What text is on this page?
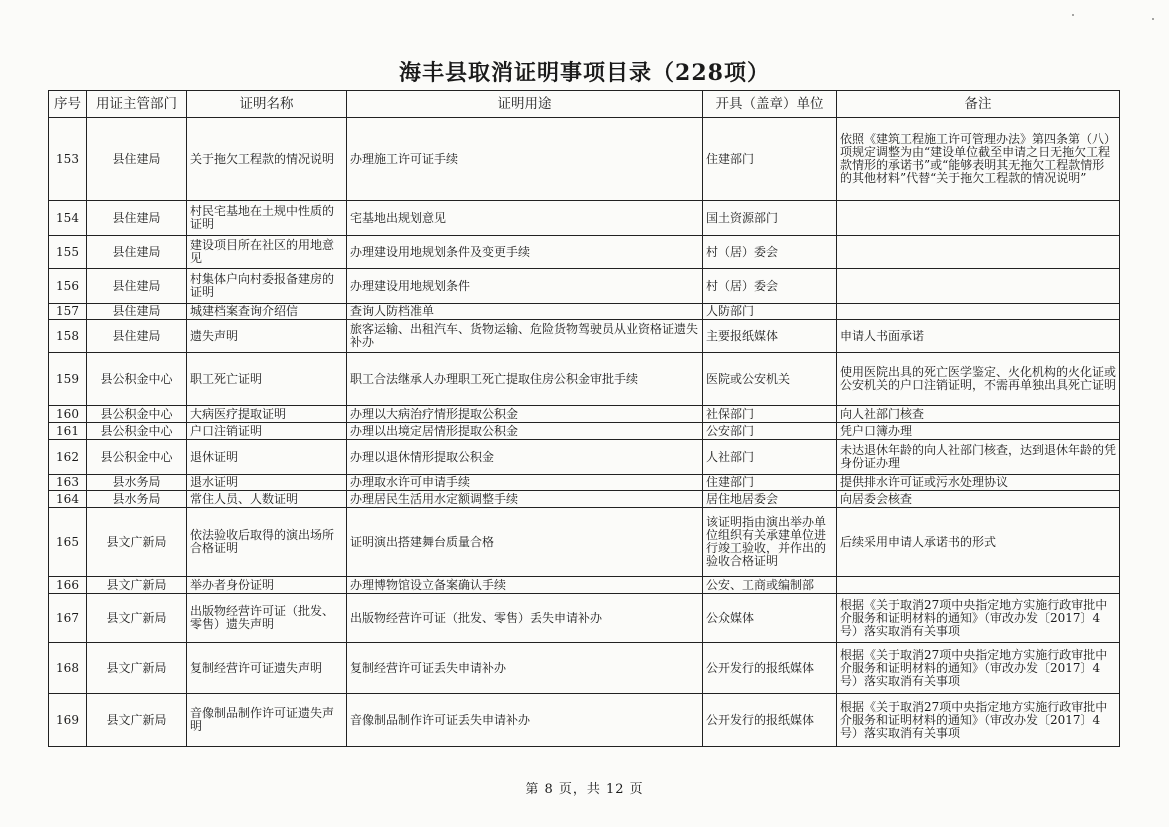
海丰县取消证明事项目录（228项）
序号	用证主管部门	证明名称	证明用途	开具（盖章）单位	备注
153	县住建局	关于拖欠工程款的情况说明	办理施工许可证手续	住建部门	依照《建筑工程施工许可管理办法》第四条第（八）项规定调整为由“建设单位截至申请之日无拖欠工程款情形的承诺书”或“能够表明其无拖欠工程款情形的其他材料”代替“关于拖欠工程款的情况说明”
154	县住建局	村民宅基地在土规中性质的证明	宅基地出规划意见	国土资源部门	
155	县住建局	建设项目所在社区的用地意见	办理建设用地规划条件及变更手续	村（居）委会	
156	县住建局	村集体户向村委报备建房的证明	办理建设用地规划条件	村（居）委会	
157	县住建局	城建档案查询介绍信	查询人防档准单	人防部门	
158	县住建局	遗失声明	旅客运输、出租汽车、货物运输、危险货物驾驶员从业资格证遗失补办	主要报纸媒体	申请人书面承诺
159	县公积金中心	职工死亡证明	职工合法继承人办理职工死亡提取住房公积金审批手续	医院或公安机关	使用医院出具的死亡医学鉴定、火化机构的火化证或公安机关的户口注销证明，不需再单独出具死亡证明
160	县公积金中心	大病医疗提取证明	办理以大病治疗情形提取公积金	社保部门	向人社部门核查
161	县公积金中心	户口注销证明	办理以出境定居情形提取公积金	公安部门	凭户口簿办理
162	县公积金中心	退休证明	办理以退休情形提取公积金	人社部门	未达退休年龄的向人社部门核查，达到退休年龄的凭身份证办理
163	县水务局	退水证明	办理取水许可申请手续	住建部门	提供排水许可证或污水处理协议
164	县水务局	常住人员、人数证明	办理居民生活用水定额调整手续	居住地居委会	向居委会核查
165	县文广新局	依法验收后取得的演出场所合格证明	证明演出搭建舞台质量合格	该证明指由演出举办单位组织有关承建单位进行竣工验收，并作出的验收合格证明	后续采用申请人承诺书的形式
166	县文广新局	举办者身份证明	办理博物馆设立备案确认手续	公安、工商或编制部	
167	县文广新局	出版物经营许可证（批发、零售）遗失声明	出版物经营许可证（批发、零售）丢失申请补办	公众媒体	根据《关于取消27项中央指定地方实施行政审批中介服务和证明材料的通知》（审改办发〔2017〕4号）落实取消有关事项
168	县文广新局	复制经营许可证遗失声明	复制经营许可证丢失申请补办	公开发行的报纸媒体	根据《关于取消27项中央指定地方实施行政审批中介服务和证明材料的通知》（审改办发〔2017〕4号）落实取消有关事项
169	县文广新局	音像制品制作许可证遗失声明	音像制品制作许可证丢失申请补办	公开发行的报纸媒体	根据《关于取消27项中央指定地方实施行政审批中介服务和证明材料的通知》（审改办发〔2017〕4号）落实取消有关事项
第 8 页，共 12 页
